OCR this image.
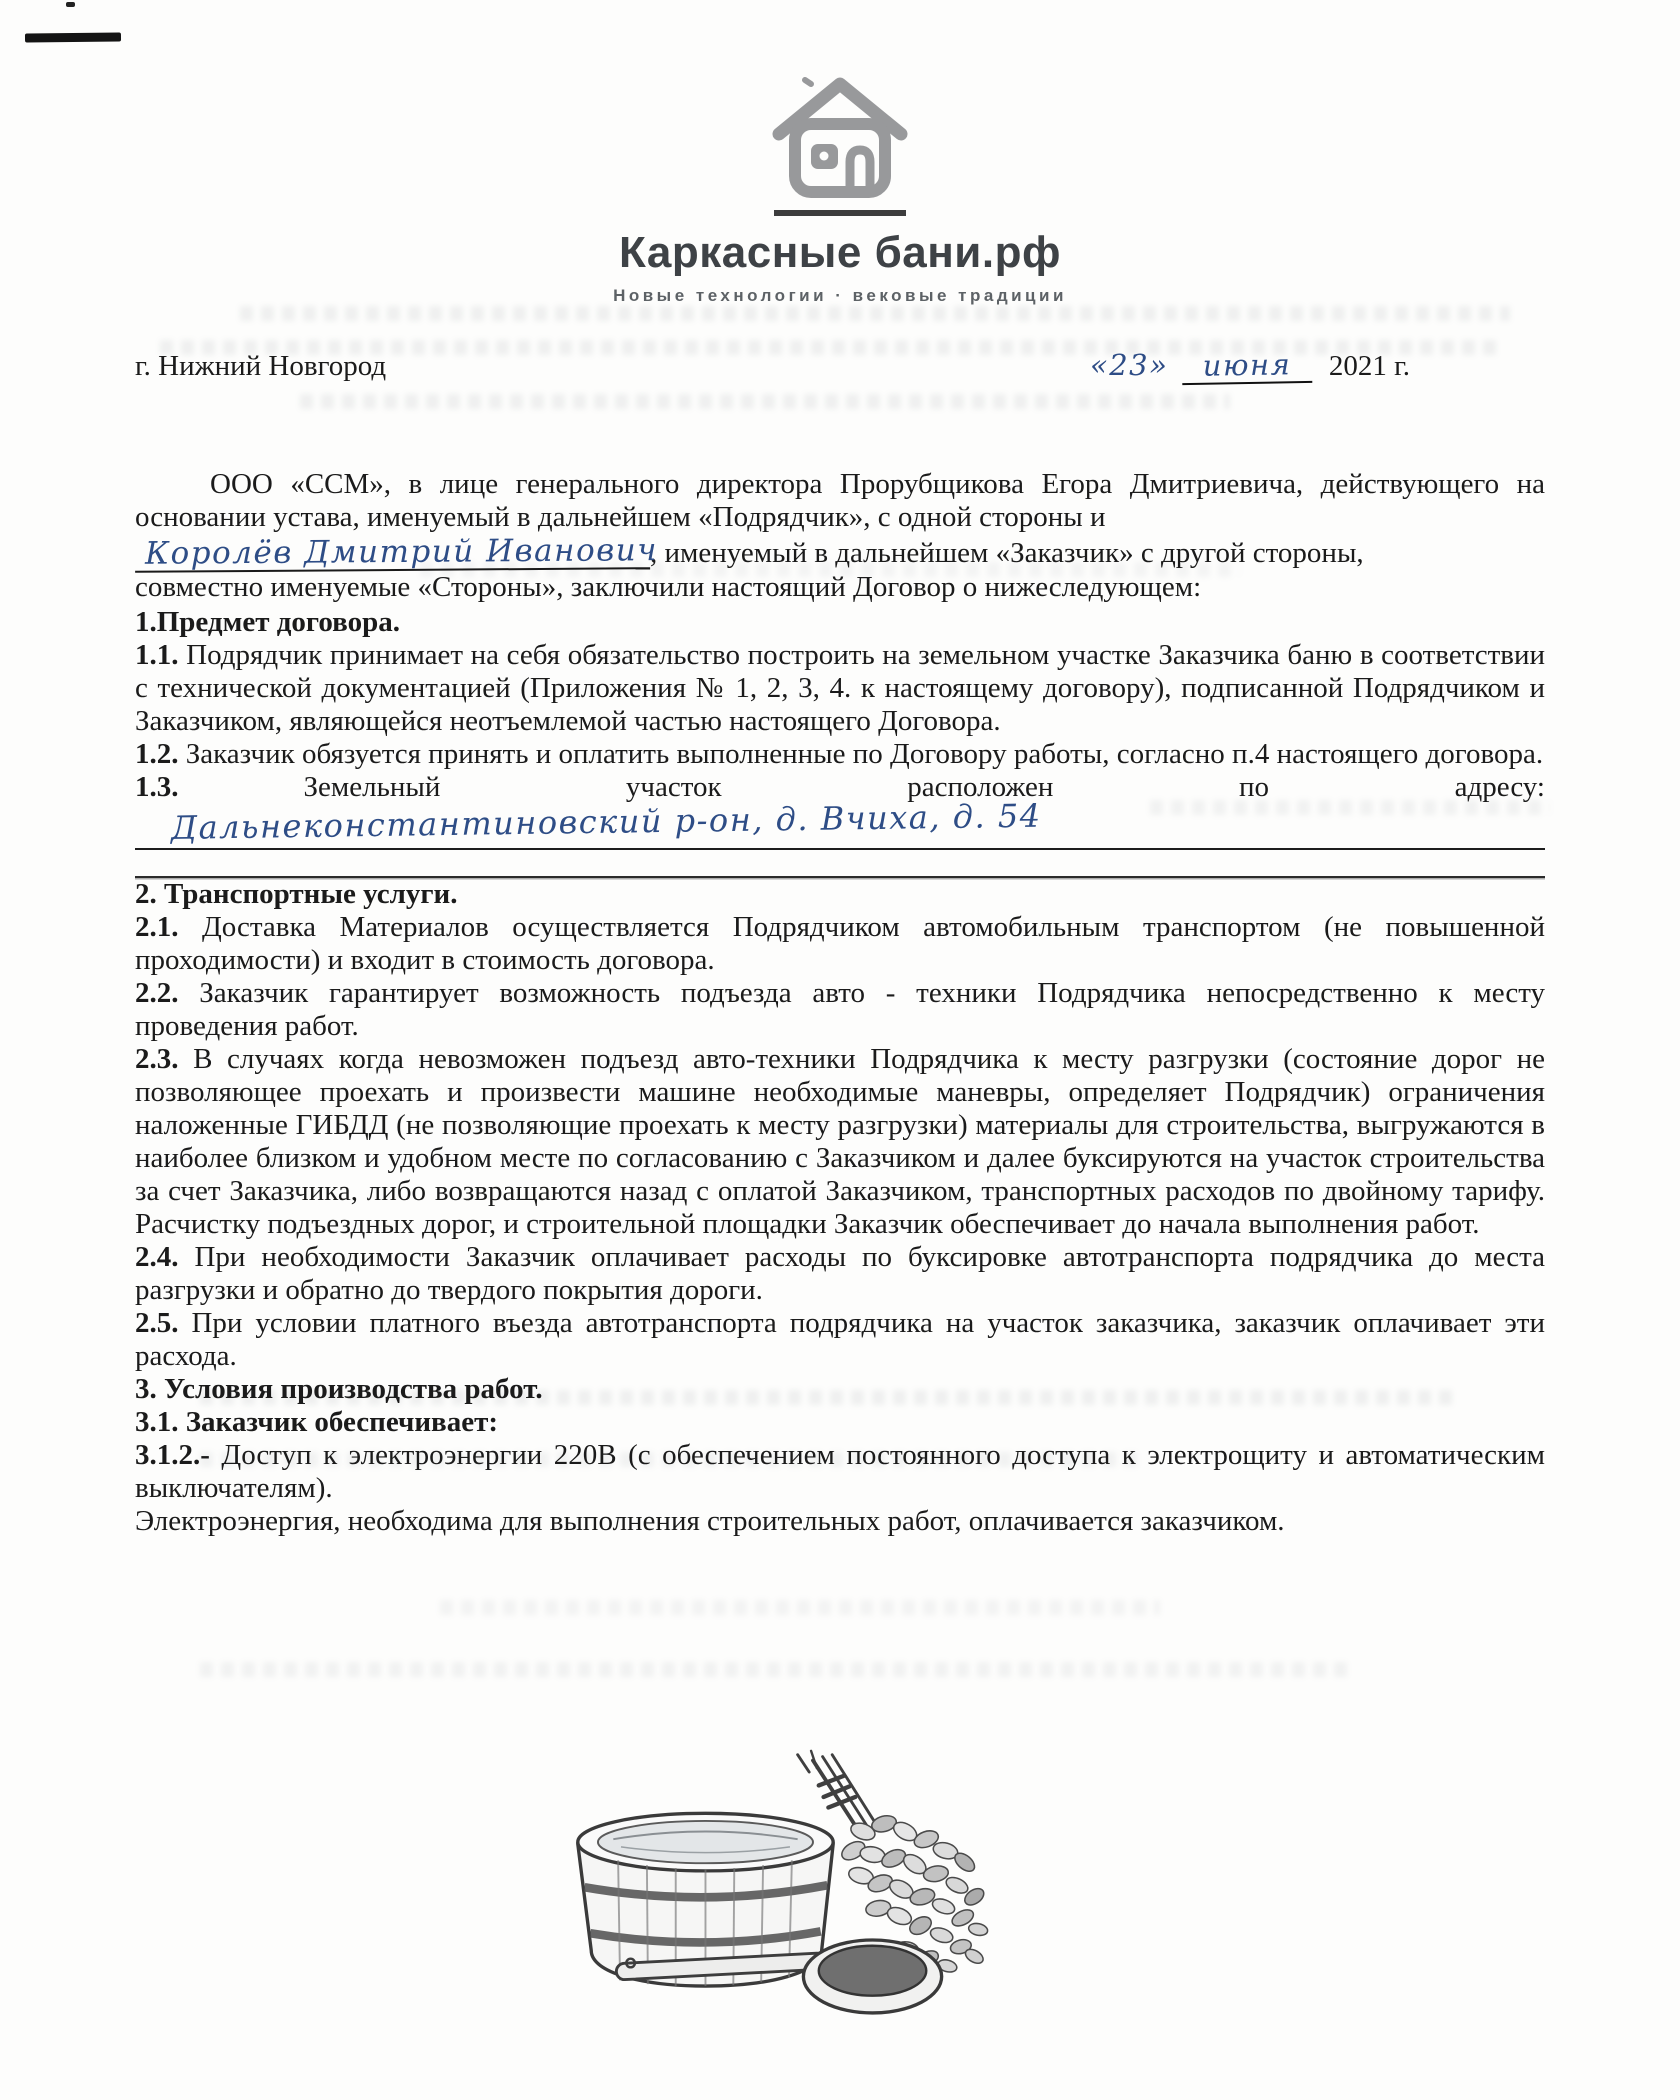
Каркасные бани.рф
Новые технологии · вековые традиции
г. Нижний Новгород	«23» июня 2021 г.

ООО «ССМ», в лице генерального директора Прорубщикова Егора Дмитриевича, действующего на основании устава, именуемый в дальнейшем «Подрядчик», с одной стороны и

Королёв Дмитрий Иванович, именуемый в дальнейшем «Заказчик» с другой стороны,

совместно именуемые «Стороны», заключили настоящий Договор о нижеследующем:

1.Предмет договора.

1.1. Подрядчик принимает на себя обязательство построить на земельном участке Заказчика баню в соответствии с технической документацией (Приложения № 1, 2, 3, 4. к настоящему договору), подписанной Подрядчиком и Заказчиком, являющейся неотъемлемой частью настоящего Договора.

1.2. Заказчик обязуется принять и оплатить выполненные по Договору работы, согласно п.4 настоящего договора.

1.3.	Земельный	участок	расположен	по	адресу:
Дальнеконстантиновский р-он, д. Вчиха, д. 54
2. Транспортные услуги.

2.1. Доставка Материалов осуществляется Подрядчиком автомобильным транспортом (не повышенной проходимости) и входит в стоимость договора.

2.2. Заказчик гарантирует возможность подъезда авто - техники Подрядчика непосредственно к месту проведения работ.

2.3. В случаях когда невозможен подъезд авто-техники Подрядчика к месту разгрузки (состояние дорог не позволяющее проехать и произвести машине необходимые маневры, определяет Подрядчик) ограничения наложенные ГИБДД (не позволяющие проехать к месту разгрузки) материалы для строительства, выгружаются в наиболее близком и удобном месте по согласованию с Заказчиком и далее буксируются на участок строительства за счет Заказчика, либо возвращаются назад с оплатой Заказчиком, транспортных расходов по двойному тарифу. Расчистку подъездных дорог, и строительной площадки Заказчик обеспечивает до начала выполнения работ.

2.4. При необходимости Заказчик оплачивает расходы по буксировке автотранспорта подрядчика до места разгрузки и обратно до твердого покрытия дороги.

2.5. При условии платного въезда автотранспорта подрядчика на участок заказчика, заказчик оплачивает эти расхода.

3. Условия производства работ.
3.1. Заказчик обеспечивает:

3.1.2.- Доступ к электроэнергии 220В (с обеспечением постоянного доступа к электрощиту и автоматическим выключателям).

Электроэнергия, необходима для выполнения строительных работ, оплачивается заказчиком.
